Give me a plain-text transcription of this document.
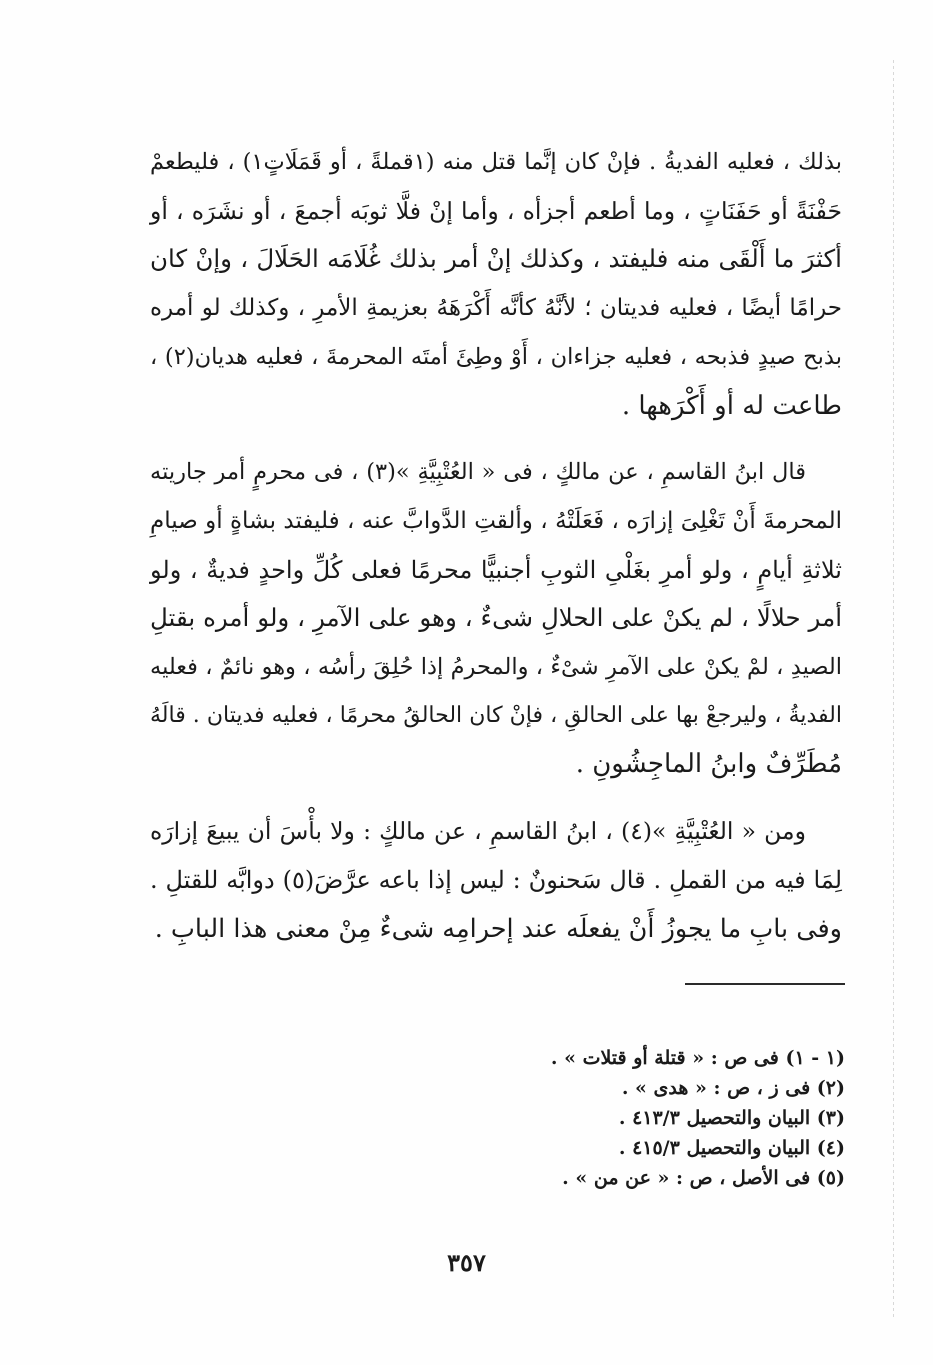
بذلك ، فعليه الفديةُ . فإنْ كان إنَّما قتل منه (١قملةً ، أو قَمَلَاتٍ١) ، فليطعمْ
حَفْنَةً أو حَفَنَاتٍ ، وما أطعم أجزأه ، وأما إنْ فلَّا ثوبَه أجمعَ ، أو نشَرَه ، أو
أكثرَ ما أَلْقَى منه فليفتد ، وكذلك إنْ أمر بذلك غُلَامَه الحَلَالَ ، وإنْ كان
حرامًا أيضًا ، فعليه فديتان ؛ لأنَّهُ كأنَّه أَكْرَهَهُ بعزيمةِ الأمرِ ، وكذلك لو أمره
بذبح صيدٍ فذبحه ، فعليه جزاءان ، أَوْ وطِئَ أمتَه المحرمةَ ، فعليه هديان(٢) ،
طاعت له أو أَكْرَهها .
قال ابنُ القاسمِ ، عن مالكٍ ، فى « العُتْبِيَّةِ »(٣) ، فى محرمٍ أمر جاريته
المحرمةَ أَنْ تَغْلِىَ إزارَه ، فَعَلَتْهُ ، وألقتِ الدَّوابَّ عنه ، فليفتد بشاةٍ أو صيامِ
ثلاثةِ أيامٍ ، ولو أمرِ بغَلْىِ الثوبِ أجنبيًّا محرمًا فعلى كُلِّ واحدٍ فديةٌ ، ولو
أمر حلالًا ، لم يكنْ على الحلالِ شىءٌ ، وهو على الآمرِ ، ولو أمره بقتلِ
الصيدِ ، لمْ يكنْ على الآمرِ شىْءٌ ، والمحرمُ إذا حُلِقَ رأسُه ، وهو نائمٌ ، فعليه
الفديةُ ، وليرجعْ بها على الحالقِ ، فإنْ كان الحالقُ محرمًا ، فعليه فديتان . قالَهُ
مُطَرِّفٌ وابنُ الماجِشُونِ .
ومن « العُتْبِيَّةِ »(٤) ، ابنُ القاسمِ ، عن مالكٍ : ولا بأْسَ أن يبيعَ إزارَه
لِمَا فيه من القملِ . قال سَحنونٌ : ليس إذا باعه عرَّضَ(٥) دوابَّه للقتلِ .
وفى بابِ ما يجوزُ أَنْ يفعلَه عند إحرامِه شىءٌ مِنْ معنى هذا البابِ .
(١ - ١) فى ص : « قتلة أو قتلات » .
(٢) فى ز ، ص : « هدى » .
(٣) البيان والتحصيل ٤١٣/٣ .
(٤) البيان والتحصيل ٤١٥/٣ .
(٥) فى الأصل ، ص : « عن من » .
٣٥٧
